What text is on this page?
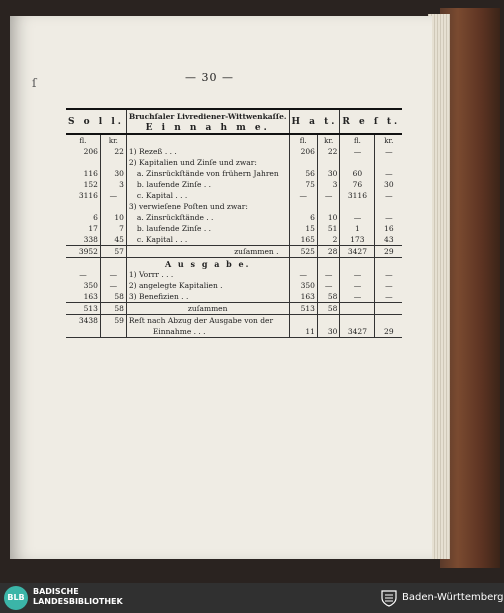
ſ	— 30 —
S o l l.		Bruchſaler Livrediener-Wittwenkaſſe.
E i n n a h m e.	H a t.		R e ſ t.	
fl.	kr.		fl.	kr.	fl.	kr.
206	22	1) Rezeß . . .	206	22	—	—
		2) Kapitalien und Zinſe und zwar:				
116	30	a. Zinsrückſtände von frühern Jahren	56	30	60	—
152	3	b. laufende Zinſe . .	75	3	76	30
3116	—	c. Kapital . . .	—	—	3116	—
		3) verwieſene Poſten und zwar:				
6	10	a. Zinsrückſtände . .	6	10	—	—
17	7	b. laufende Zinſe . .	15	51	1	16
338	45	c. Kapital . . .	165	2	173	43
3952	57	zuſammen .	525	28	3427	29
		A u s g a b e.				
—	—	1) Vorrr . . .	—	—	—	—
350	—	2) angelegte Kapitalien .	350	—	—	—
163	58	3) Benefizien . .	163	58	—	—
513	58	zuſammen	513	58		
3438	59	Reſt nach Abzug der Ausgabe von der				
		Einnahme . . .	11	30	3427	29
BLB
BADISCHE
LANDESBIBLIOTHEK	Baden-Württemberg
